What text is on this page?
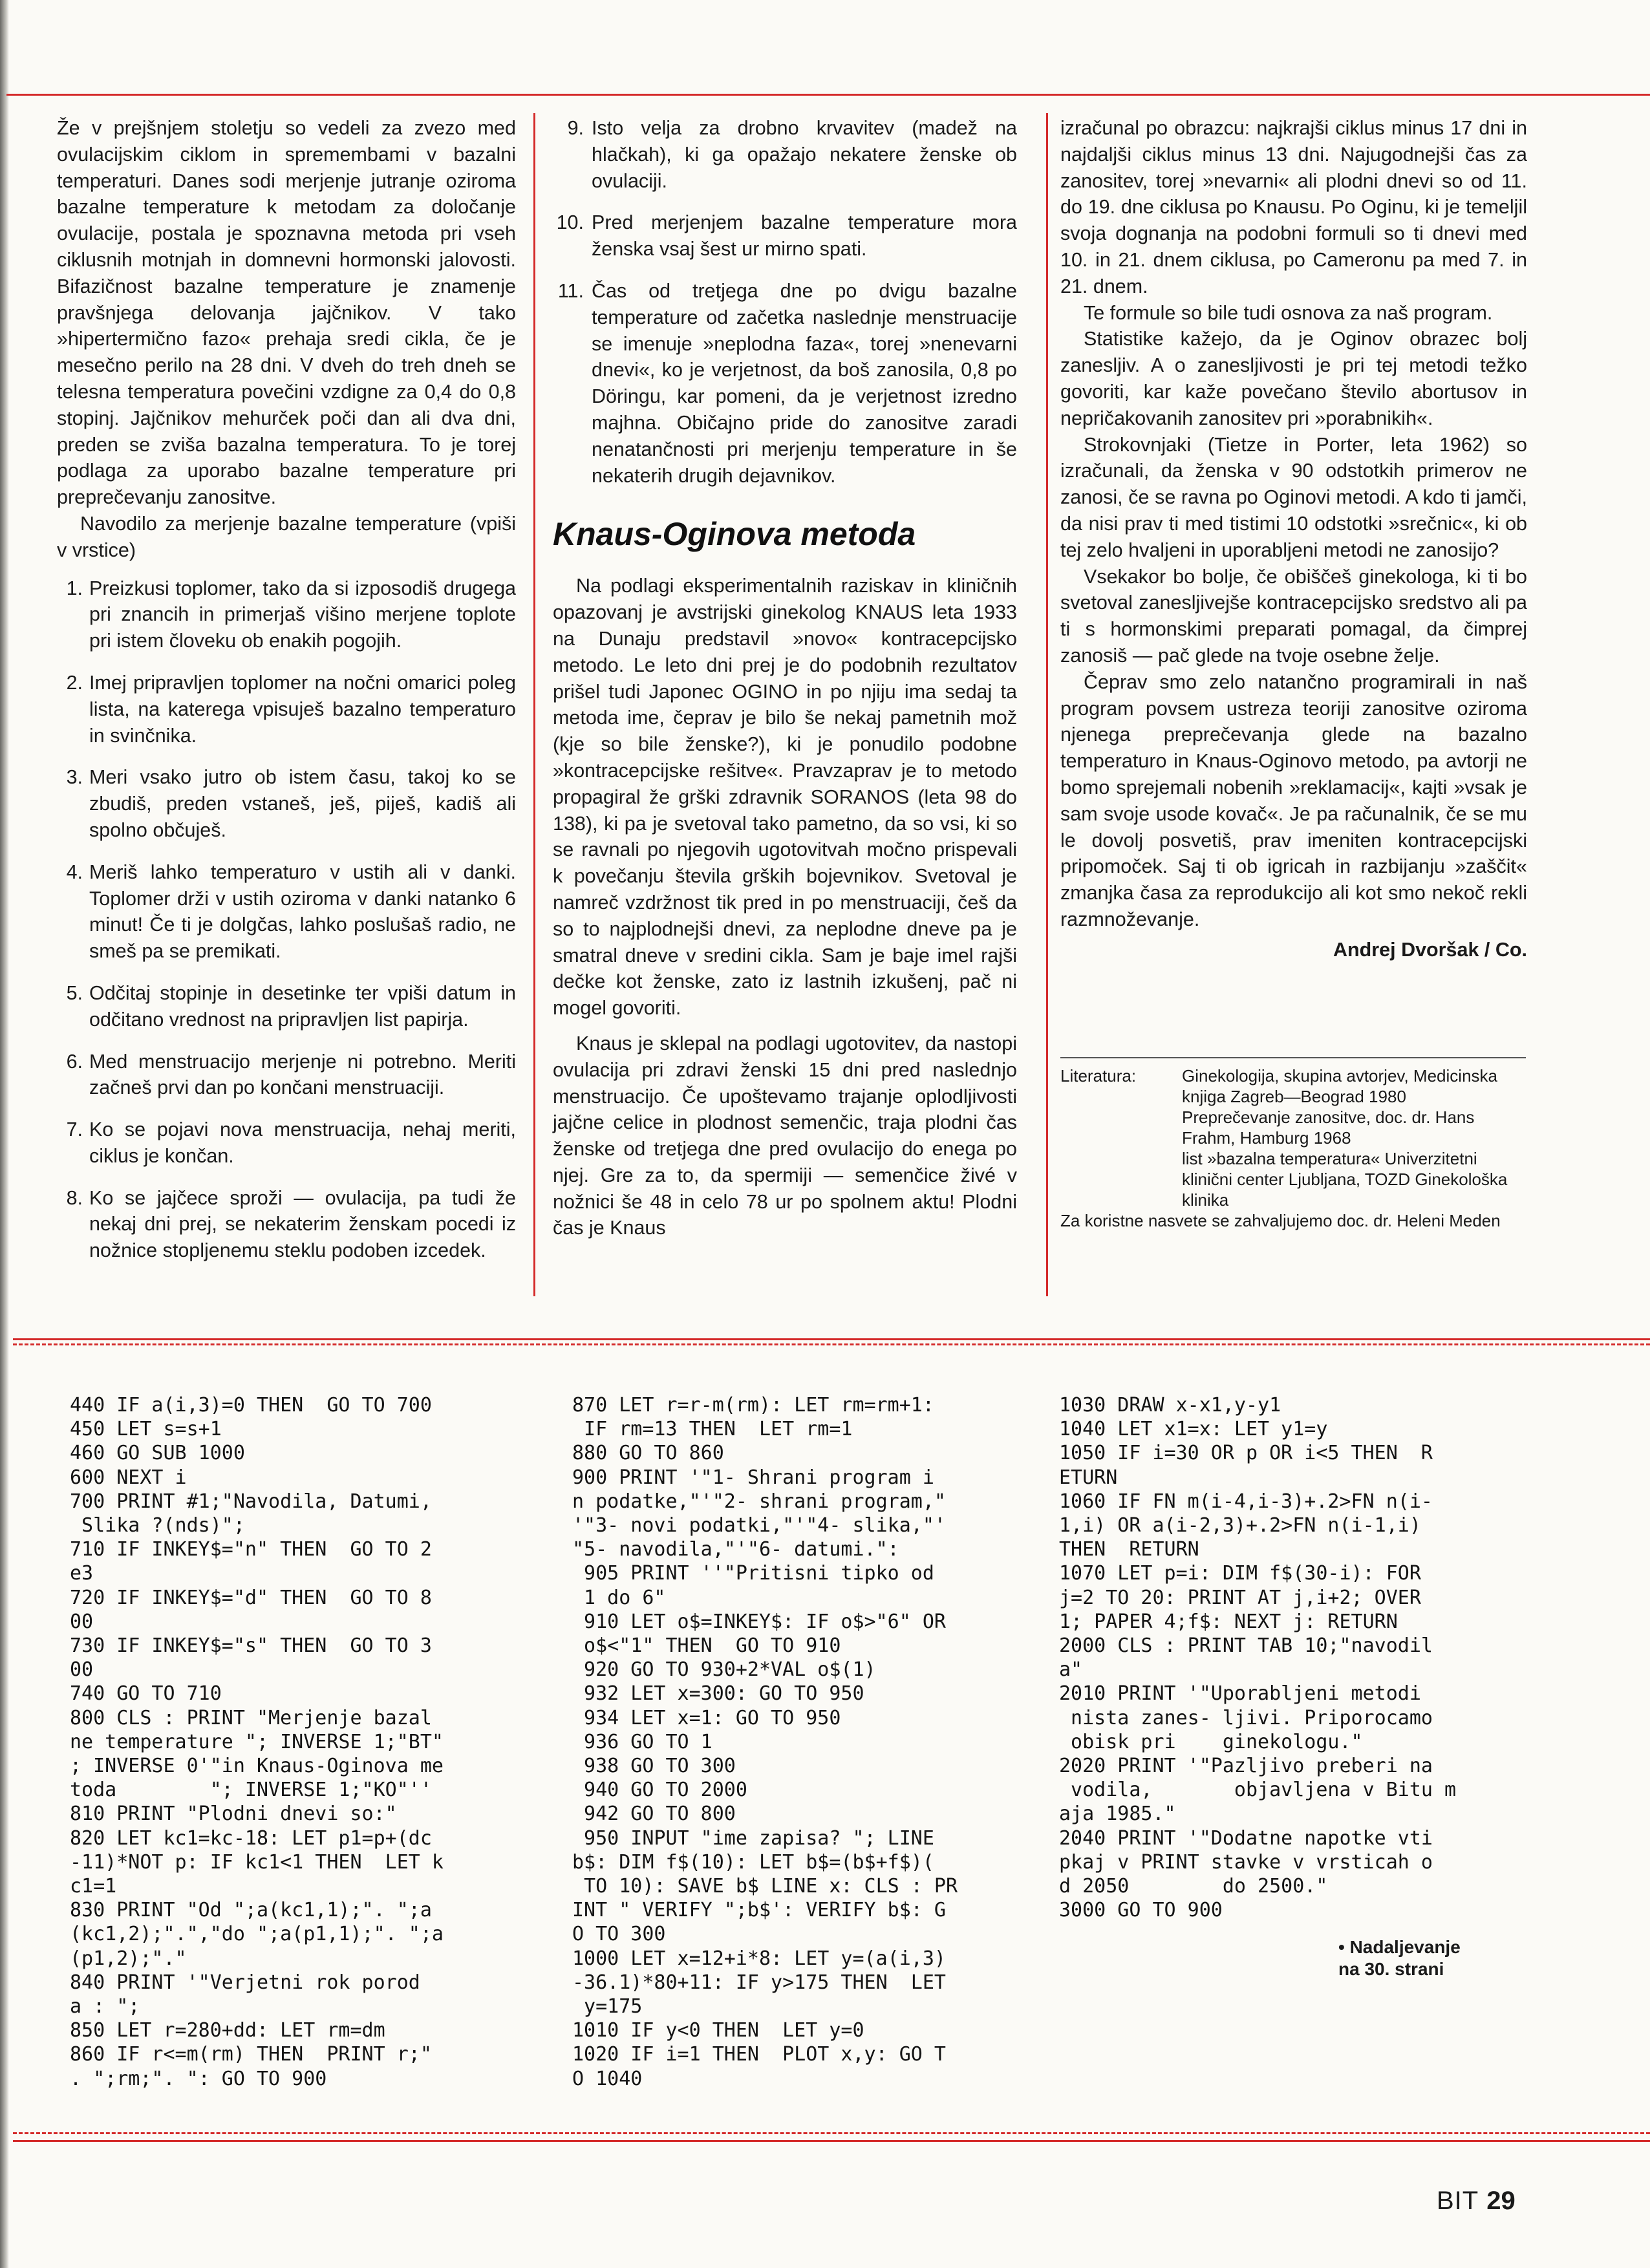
Že v prejšnjem stoletju so vedeli za zvezo med ovulacijskim ciklom in spremembami v bazalni temperaturi. Danes sodi merjenje jutranje oziroma bazalne temperature k metodam za določanje ovulacije, postala je spoznavna metoda pri vseh ciklusnih motnjah in domnevni hormonski jalovosti. Bifazičnost bazalne temperature je znamenje pravšnjega delovanja jajčnikov. V tako »hipertermično fazo« prehaja sredi cikla, če je mesečno perilo na 28 dni. V dveh do treh dneh se telesna temperatura povečini vzdigne za 0,4 do 0,8 stopinj. Jajčnikov mehurček poči dan ali dva dni, preden se zviša bazalna temperatura. To je torej podlaga za uporabo bazalne temperature pri preprečevanju zanositve.

Navodilo za merjenje bazalne temperature (vpiši v vrstice)

1. Preizkusi toplomer, tako da si izposodiš drugega pri znancih in primerjaš višino merjene toplote pri istem človeku ob enakih pogojih.
2. Imej pripravljen toplomer na nočni omarici poleg lista, na katerega vpisuješ bazalno temperaturo in svinčnika.
3. Meri vsako jutro ob istem času, takoj ko se zbudiš, preden vstaneš, ješ, piješ, kadiš ali spolno občuješ.
4. Meriš lahko temperaturo v ustih ali v danki. Toplomer drži v ustih oziroma v danki natanko 6 minut! Če ti je dolgčas, lahko poslušaš radio, ne smeš pa se premikati.
5. Odčitaj stopinje in desetinke ter vpiši datum in odčitano vrednost na pripravljen list papirja.
6. Med menstruacijo merjenje ni potrebno. Meriti začneš prvi dan po končani menstruaciji.
7. Ko se pojavi nova menstruacija, nehaj meriti, ciklus je končan.
8. Ko se jajčece sproži — ovulacija, pa tudi že nekaj dni prej, se nekaterim ženskam pocedi iz nožnice stopljenemu steklu podoben izcedek.
9. Isto velja za drobno krvavitev (madež na hlačkah), ki ga opažajo nekatere ženske ob ovulaciji.
10. Pred merjenjem bazalne temperature mora ženska vsaj šest ur mirno spati.
11. Čas od tretjega dne po dvigu bazalne temperature od začetka naslednje menstruacije se imenuje »neplodna faza«, torej »nenevarni dnevi«, ko je verjetnost, da boš zanosila, 0,8 po Döringu, kar pomeni, da je verjetnost izredno majhna. Običajno pride do zanositve zaradi nenatančnosti pri merjenju temperature in še nekaterih drugih dejavnikov.
Knaus-Oginova metoda

Na podlagi eksperimentalnih raziskav in kliničnih opazovanj je avstrijski ginekolog KNAUS leta 1933 na Dunaju predstavil »novo« kontracepcijsko metodo. Le leto dni prej je do podobnih rezultatov prišel tudi Japonec OGINO in po njiju ima sedaj ta metoda ime, čeprav je bilo še nekaj pametnih mož (kje so bile ženske?), ki je ponudilo podobne »kontracepcijske rešitve«. Pravzaprav je to metodo propagiral že grški zdravnik SORANOS (leta 98 do 138), ki pa je svetoval tako pametno, da so vsi, ki so se ravnali po njegovih ugotovitvah močno prispevali k povečanju števila grških bojevnikov. Svetoval je namreč vzdržnost tik pred in po menstruaciji, češ da so to najplodnejši dnevi, za neplodne dneve pa je smatral dneve v sredini cikla. Sam je baje imel rajši dečke kot ženske, zato iz lastnih izkušenj, pač ni mogel govoriti.

Knaus je sklepal na podlagi ugotovitev, da nastopi ovulacija pri zdravi ženski 15 dni pred naslednjo menstruacijo. Če upoštevamo trajanje oplodljivosti jajčne celice in plodnost semenčic, traja plodni čas ženske od tretjega dne pred ovulacijo do enega po njej. Gre za to, da spermiji — semenčice živé v nožnici še 48 in celo 78 ur po spolnem aktu! Plodni čas je Knaus

izračunal po obrazcu: najkrajši ciklus minus 17 dni in najdaljši ciklus minus 13 dni. Najugodnejši čas za zanositev, torej »nevarni« ali plodni dnevi so od 11. do 19. dne ciklusa po Knausu. Po Oginu, ki je temeljil svoja dognanja na podobni formuli so ti dnevi med 10. in 21. dnem ciklusa, po Cameronu pa med 7. in 21. dnem.

Te formule so bile tudi osnova za naš program.

Statistike kažejo, da je Oginov obrazec bolj zanesljiv. A o zanesljivosti je pri tej metodi težko govoriti, kar kaže povečano število abortusov in nepričakovanih zanositev pri »porabnikih«.

Strokovnjaki (Tietze in Porter, leta 1962) so izračunali, da ženska v 90 odstotkih primerov ne zanosi, če se ravna po Oginovi metodi. A kdo ti jamči, da nisi prav ti med tistimi 10 odstotki »srečnic«, ki ob tej zelo hvaljeni in uporabljeni metodi ne zanosijo?

Vsekakor bo bolje, če obiščeš ginekologa, ki ti bo svetoval zanesljivejše kontracepcijsko sredstvo ali pa ti s hormonskimi preparati pomagal, da čimprej zanosiš — pač glede na tvoje osebne želje.

Čeprav smo zelo natančno programirali in naš program povsem ustreza teoriji zanositve oziroma njenega preprečevanja glede na bazalno temperaturo in Knaus-Oginovo metodo, pa avtorji ne bomo sprejemali nobenih »reklamacij«, kajti »vsak je sam svoje usode kovač«. Je pa računalnik, če se mu le dovolj posvetiš, prav imeniten kontracepcijski pripomoček. Saj ti ob igricah in razbijanju »zaščit« zmanjka časa za reprodukcijo ali kot smo nekoč rekli razmnoževanje.

Andrej Dvoršak / Co.
Literatura:	Ginekologija, skupina avtorjev, Medicinska knjiga Zagreb—Beograd 1980
Preprečevanje zanositve, doc. dr. Hans Frahm, Hamburg 1968
list »bazalna temperatura« Univerzitetni klinični center Ljubljana, TOZD Ginekološka klinika
Za koristne nasvete se zahvaljujemo doc. dr. Heleni Meden
440 IF a(i,3)=0 THEN  GO TO 700
450 LET s=s+1
460 GO SUB 1000
600 NEXT i
700 PRINT #1;"Navodila, Datumi,
Slika ?(nds)";
710 IF INKEY$="n" THEN  GO TO 2
e3
720 IF INKEY$="d" THEN  GO TO 8
00
730 IF INKEY$="s" THEN  GO TO 3
00
740 GO TO 710
800 CLS : PRINT "Merjenje bazal
ne temperature "; INVERSE 1;"BT"
; INVERSE 0'"in Knaus-Oginova me
toda        "; INVERSE 1;"KO"''
810 PRINT "Plodni dnevi so:"
820 LET kc1=kc-18: LET p1=p+(dc
-11)*NOT p: IF kc1<1 THEN  LET k
c1=1
830 PRINT "Od ";a(kc1,1);". ";a
(kc1,2);".","do ";a(p1,1);". ";a
(p1,2);"."
840 PRINT '"Verjetni rok porod
a : ";
850 LET r=280+dd: LET rm=dm
860 IF r<=m(rm) THEN  PRINT r;"
. ";rm;". ": GO TO 900
870 LET r=r-m(rm): LET rm=rm+1:
IF rm=13 THEN  LET rm=1
880 GO TO 860
900 PRINT '"1- Shrani program i
n podatke,"'"2- shrani program,"
'"3- novi podatki,"'"4- slika,"'
"5- navodila,"'"6- datumi.":
905 PRINT ''"Pritisni tipko od
1 do 6"
910 LET o$=INKEY$: IF o$>"6" OR
o$<"1" THEN  GO TO 910
920 GO TO 930+2*VAL o$(1)
932 LET x=300: GO TO 950
934 LET x=1: GO TO 950
936 GO TO 1
938 GO TO 300
940 GO TO 2000
942 GO TO 800
950 INPUT "ime zapisa? "; LINE
b$: DIM f$(10): LET b$=(b$+f$)(
TO 10): SAVE b$ LINE x: CLS : PR
INT " VERIFY ";b$': VERIFY b$: G
O TO 300
1000 LET x=12+i*8: LET y=(a(i,3)
-36.1)*80+11: IF y>175 THEN  LET
y=175
1010 IF y<0 THEN  LET y=0
1020 IF i=1 THEN  PLOT x,y: GO T
O 1040
1030 DRAW x-x1,y-y1
1040 LET x1=x: LET y1=y
1050 IF i=30 OR p OR i<5 THEN  R
ETURN
1060 IF FN m(i-4,i-3)+.2>FN n(i-
1,i) OR a(i-2,3)+.2>FN n(i-1,i)
THEN  RETURN
1070 LET p=i: DIM f$(30-i): FOR
j=2 TO 20: PRINT AT j,i+2; OVER
1; PAPER 4;f$: NEXT j: RETURN
2000 CLS : PRINT TAB 10;"navodil
a"
2010 PRINT '"Uporabljeni metodi
nista zanes- ljivi. Priporocamo
obisk pri    ginekologu."
2020 PRINT '"Pazljivo preberi na
vodila,       objavljena v Bitu m
aja 1985."
2040 PRINT '"Dodatne napotke vti
pkaj v PRINT stavke v vrsticah o
d 2050        do 2500."
3000 GO TO 900
• Nadaljevanje
na 30. strani
BIT 29
